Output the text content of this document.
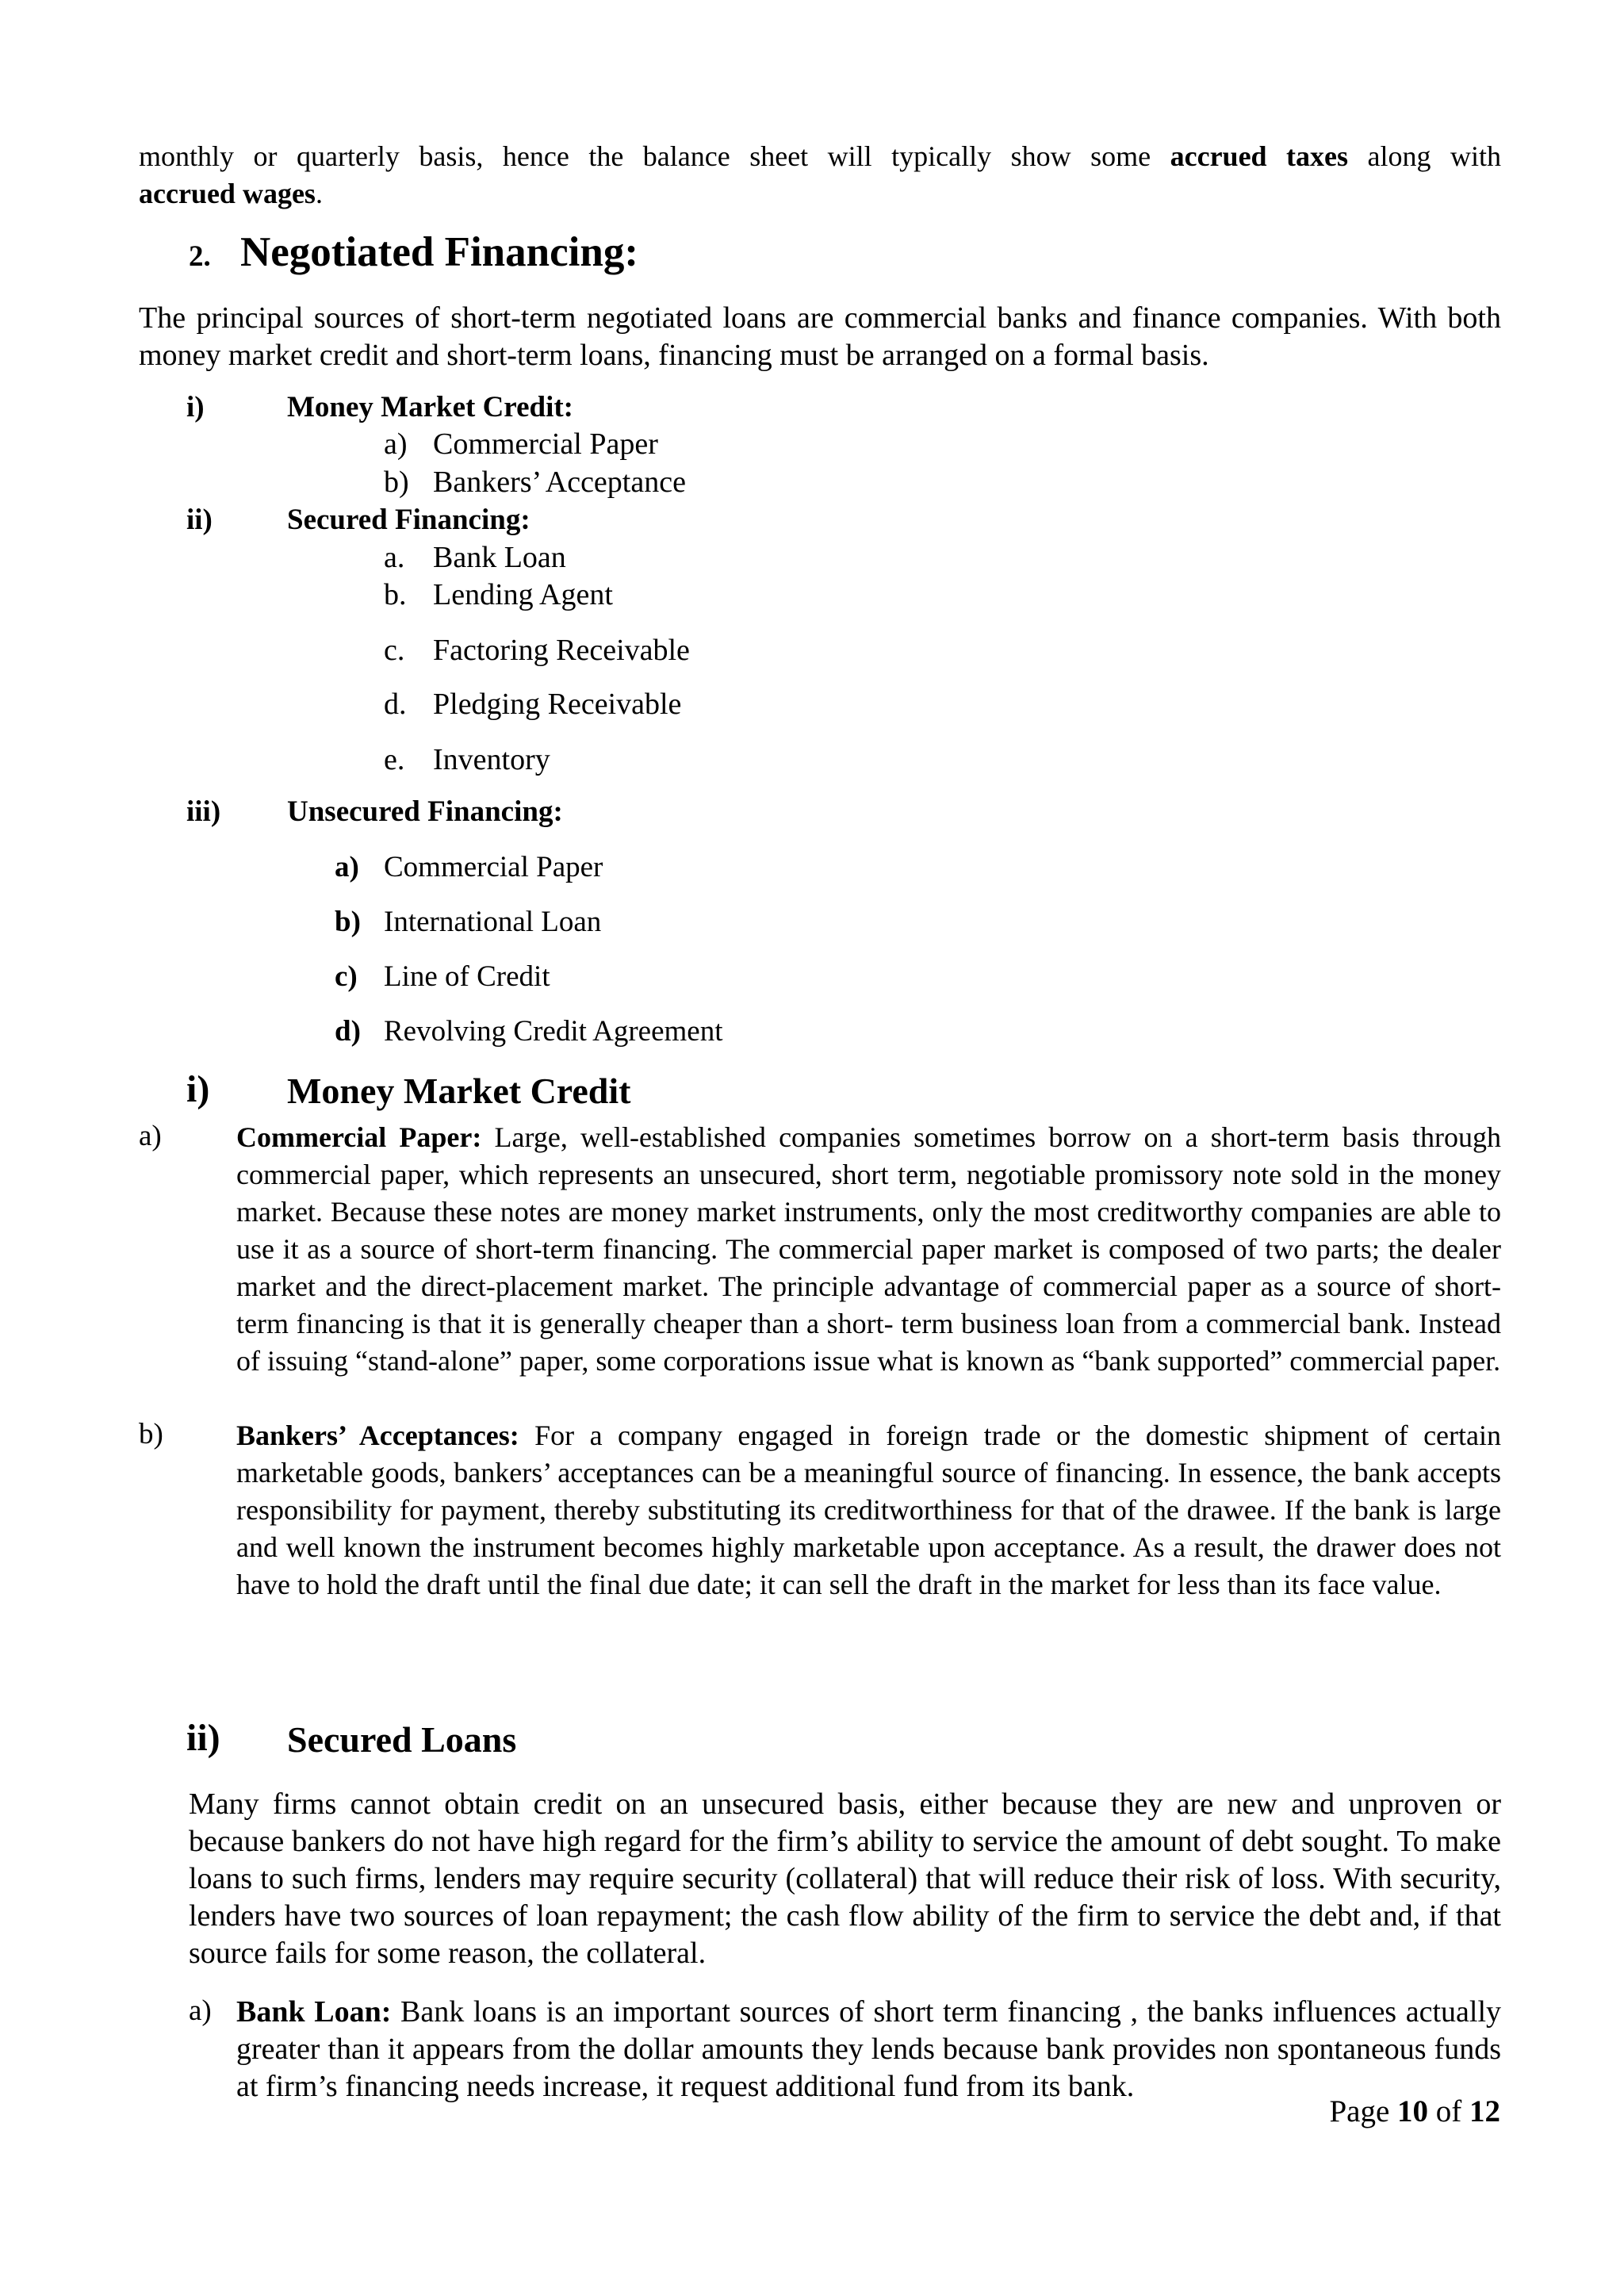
monthly or quarterly basis, hence the balance sheet will typically show some accrued taxes along with
accrued wages.
2. Negotiated Financing:
The principal sources of short-term negotiated loans are commercial banks and finance companies. With both money market credit and short-term loans, financing must be arranged on a formal basis.
i)	Money Market Credit:
a) Commercial Paper
b) Bankers’ Acceptance
ii)	Secured Financing:
a. Bank Loan
b. Lending Agent
c. Factoring Receivable
d. Pledging Receivable
e. Inventory
iii) Unsecured Financing:
a) Commercial Paper
b) International Loan
c) Line of Credit
d) Revolving Credit Agreement
i) Money Market Credit
a)	Commercial Paper: Large, well-established companies sometimes borrow on a short-term basis through commercial paper, which represents an unsecured, short term, negotiable promissory note sold in the money market. Because these notes are money market instruments, only the most creditworthy companies are able to use it as a source of short-term financing. The commercial paper market is composed of two parts; the dealer market and the direct-placement market. The principle advantage of commercial paper as a source of short-term financing is that it is generally cheaper than a short- term business loan from a commercial bank. Instead of issuing “stand-alone” paper, some corporations issue what is known as “bank supported” commercial paper.
b)	Bankers’ Acceptances: For a company engaged in foreign trade or the domestic shipment of certain marketable goods, bankers’ acceptances can be a meaningful source of financing. In essence, the bank accepts responsibility for payment, thereby substituting its creditworthiness for that of the drawee. If the bank is large and well known the instrument becomes highly marketable upon acceptance. As a result, the drawer does not have to hold the draft until the final due date; it can sell the draft in the market for less than its face value.
ii) Secured Loans
Many firms cannot obtain credit on an unsecured basis, either because they are new and unproven or because bankers do not have high regard for the firm’s ability to service the amount of debt sought. To make loans to such firms, lenders may require security (collateral) that will reduce their risk of loss. With security, lenders have two sources of loan repayment; the cash flow ability of the firm to service the debt and, if that source fails for some reason, the collateral.
a) Bank Loan: Bank loans is an important sources of short term financing , the banks influences actually greater than it appears from the dollar amounts they lends because bank provides non spontaneous funds at firm’s financing needs increase, it request additional fund from its bank.
Page 10 of 12
